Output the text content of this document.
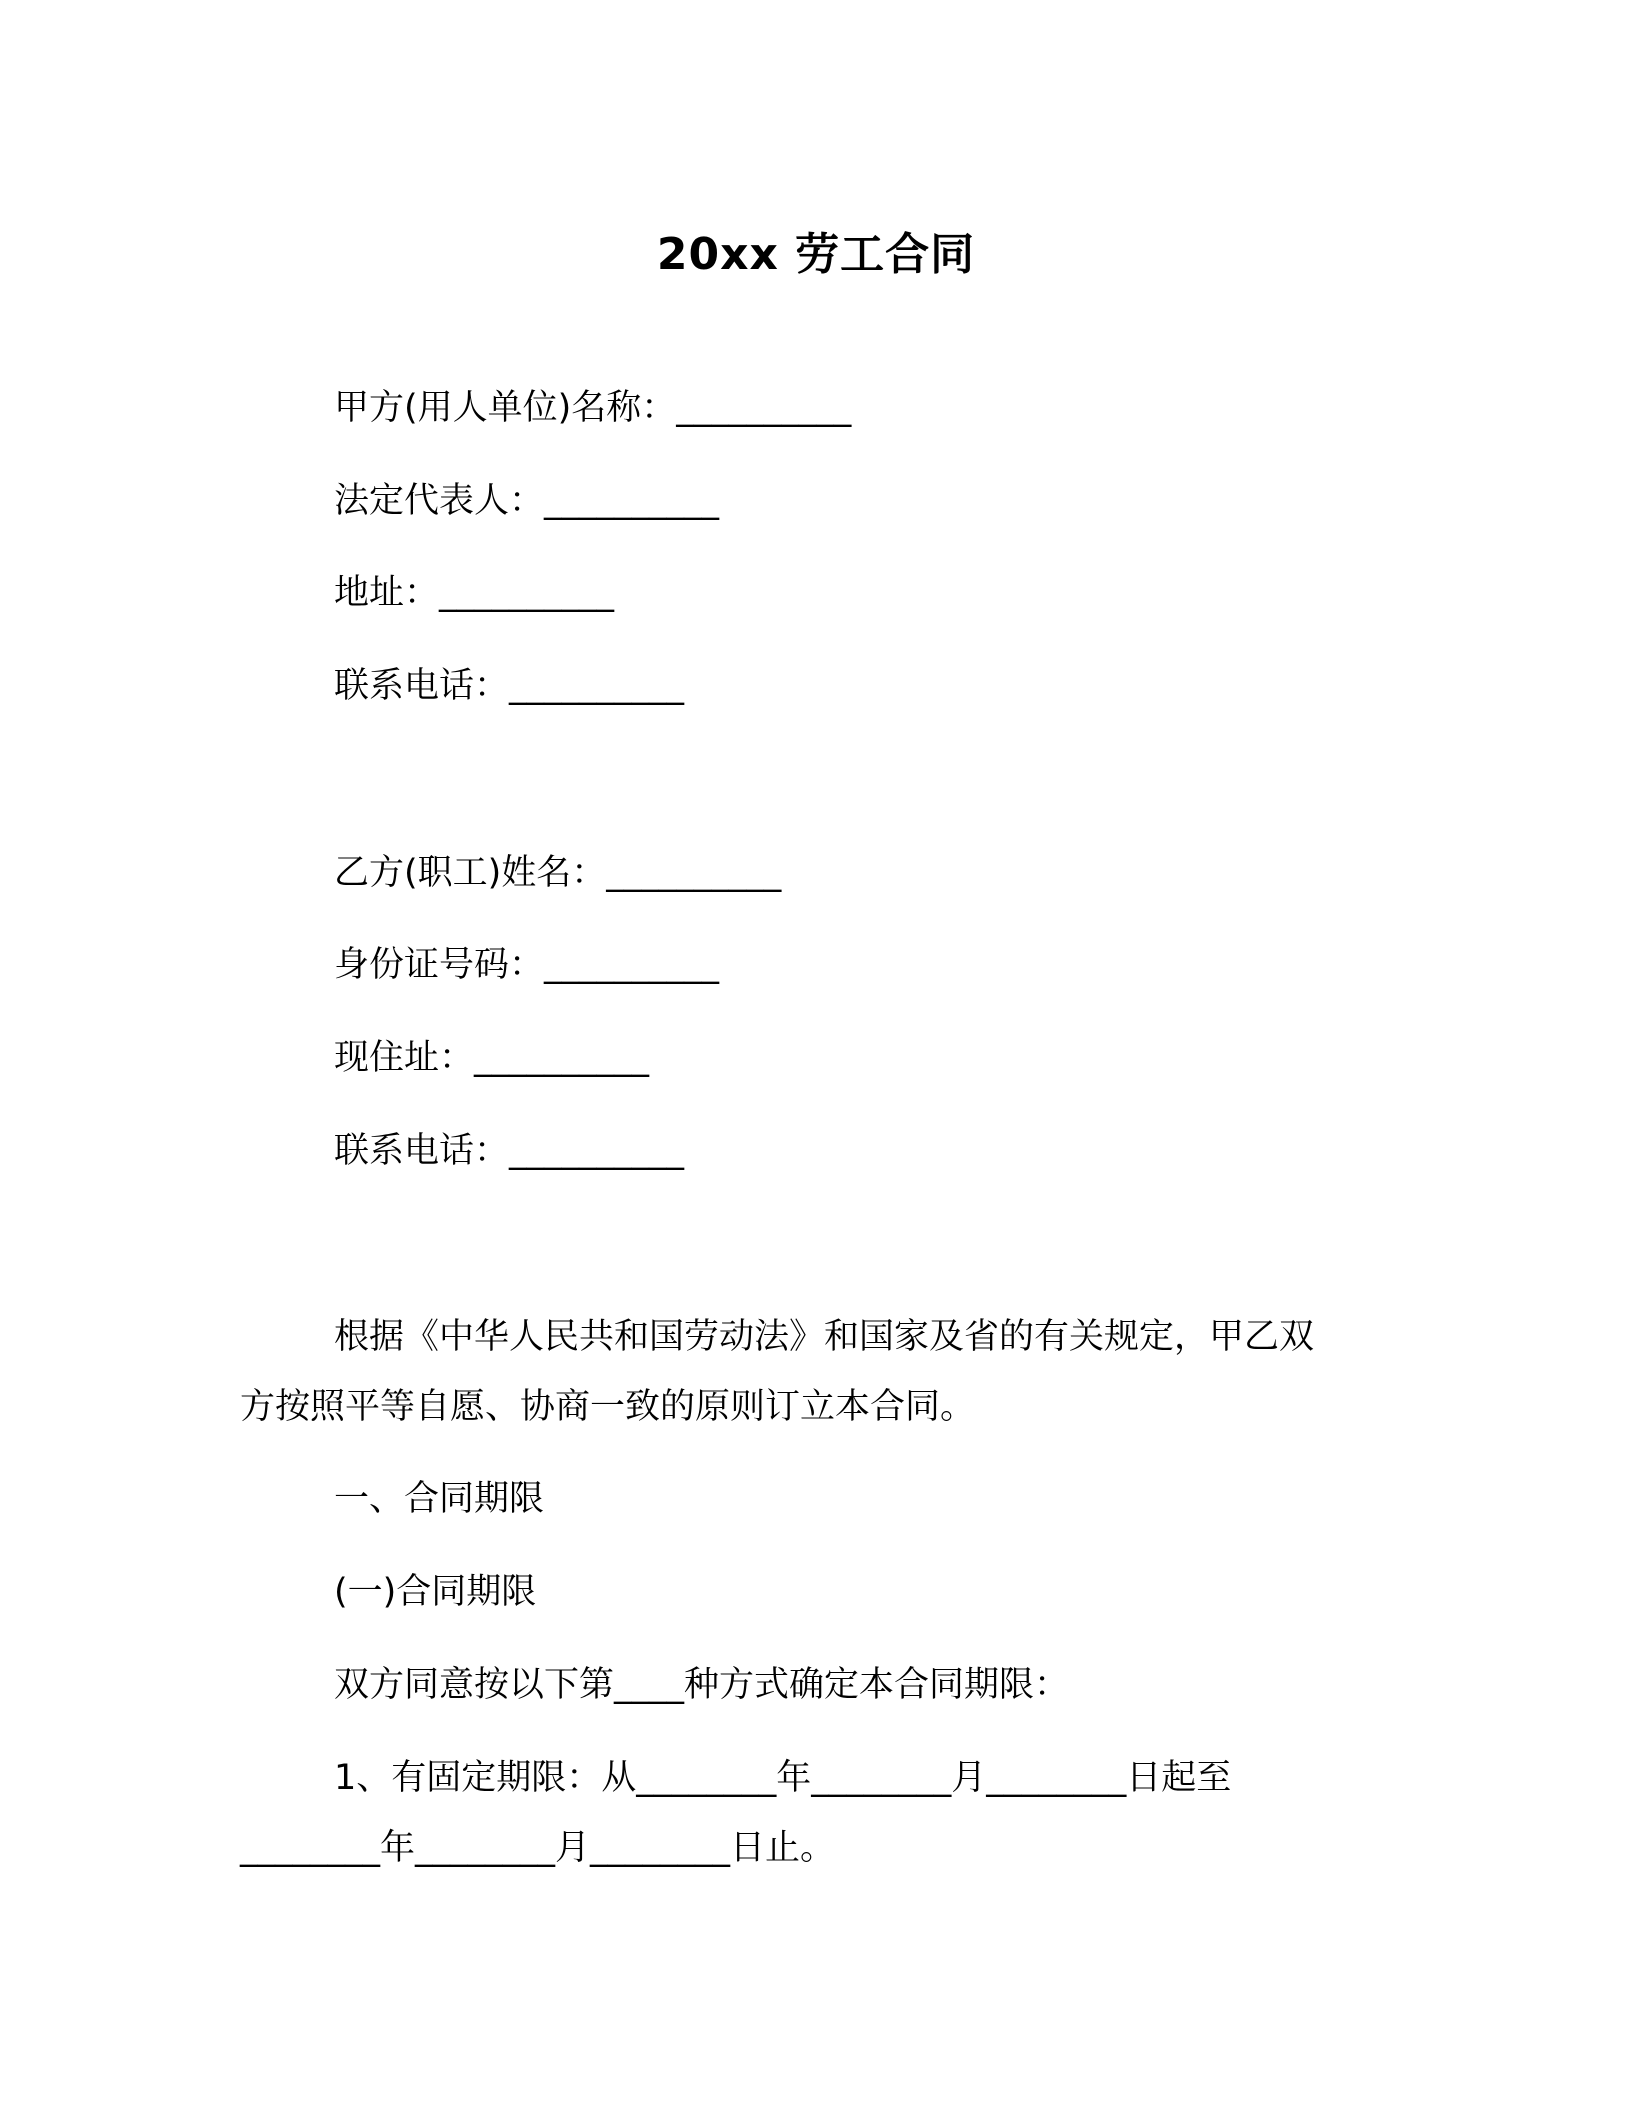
20xx 劳工合同
甲方(用人单位)名称：__________
法定代表人：__________
地址：__________
联系电话：__________
乙方(职工)姓名：__________
身份证号码：__________
现住址：__________
联系电话：__________
根据《中华人民共和国劳动法》和国家及省的有关规定，甲乙双
方按照平等自愿、协商一致的原则订立本合同。
一、合同期限
(一)合同期限
双方同意按以下第____种方式确定本合同期限：
1、有固定期限：从________年________月________日起至
________年________月________日止。
